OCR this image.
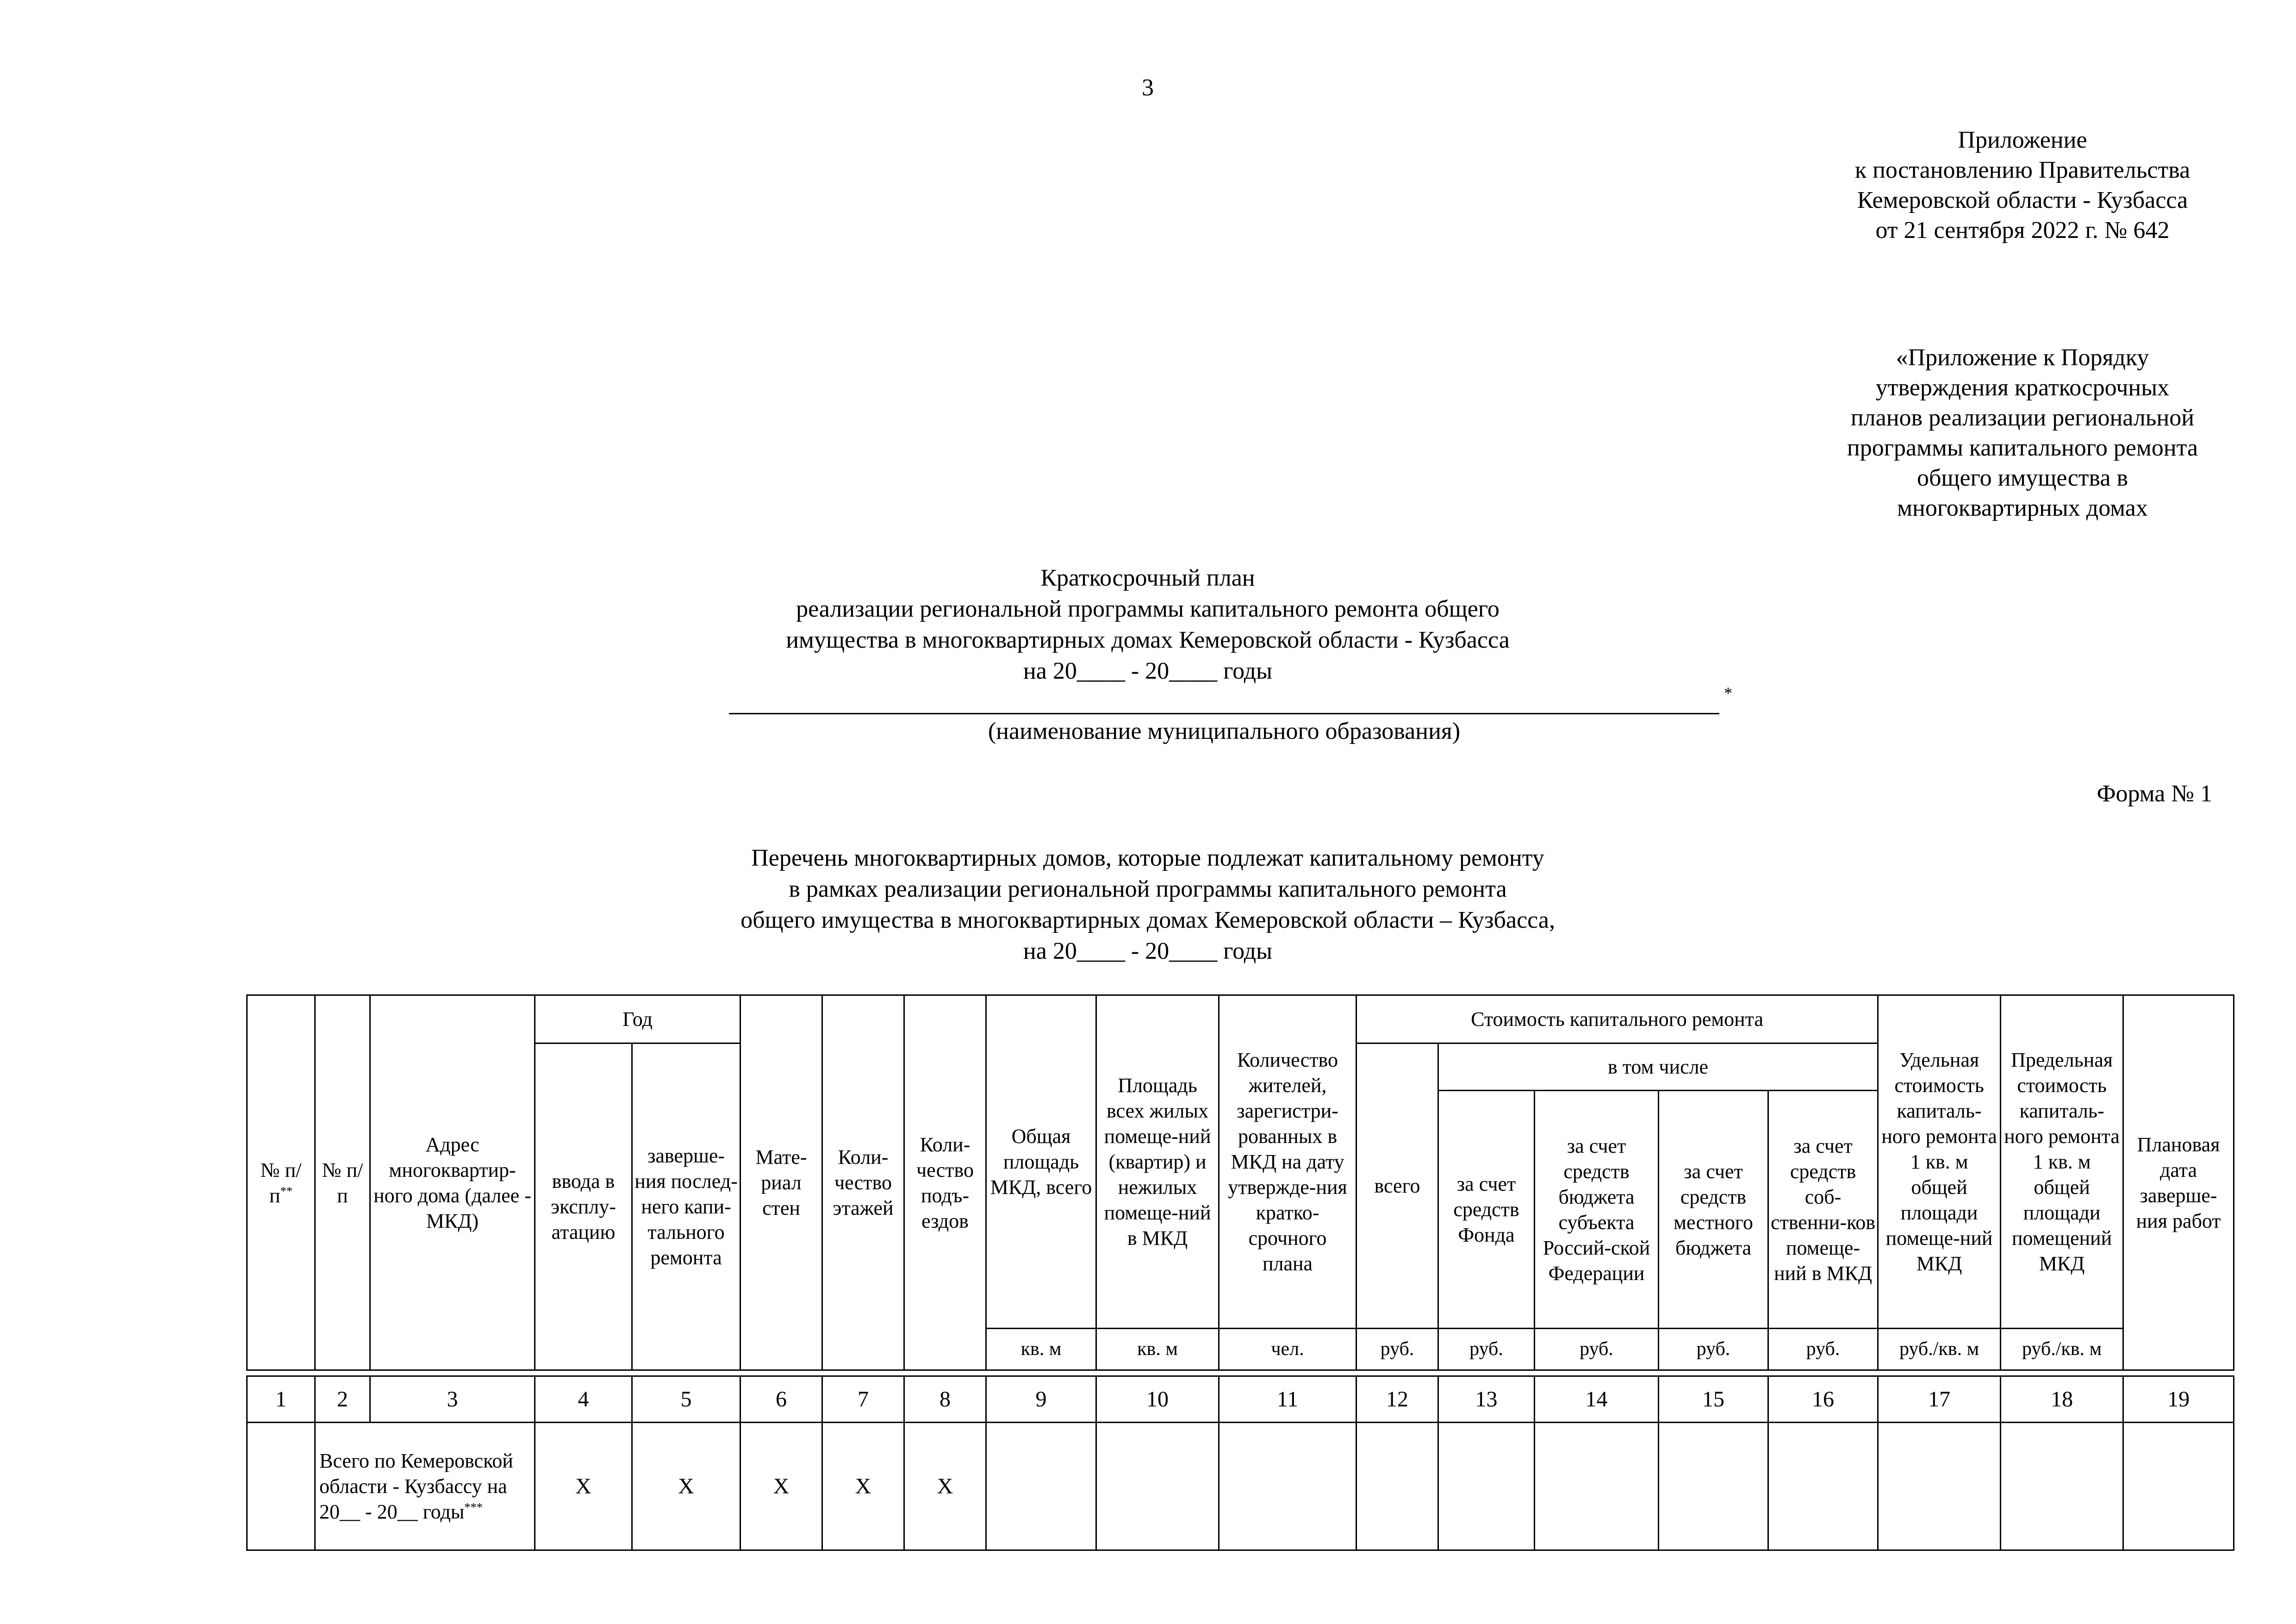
3
Приложение
к постановлению Правительства
Кемеровской области - Кузбасса
от 21 сентября 2022 г. № 642
«Приложение к Порядку
утверждения краткосрочных
планов реализации региональной
программы капитального ремонта
общего имущества в
многоквартирных домах
Краткосрочный план
реализации региональной программы капитального ремонта общего
имущества в многоквартирных домах Кемеровской области - Кузбасса
на 20____ - 20____ годы
*
(наименование муниципального образования)
Форма № 1
Перечень многоквартирных домов, которые подлежат капитальному ремонту
в рамках реализации региональной программы капитального ремонта
общего имущества в многоквартирных домах Кемеровской области – Кузбасса,
на 20____ - 20____ годы
№ п/п**	№ п/п	Адрес многоквартир-ного дома (далее - МКД)	Год		Мате-риал стен	Коли-чество этажей	Коли-чество подъ-ездов	Общая площадь МКД, всего	Площадь всех жилых помеще-ний (квартир) и нежилых помеще-ний в МКД	Количество жителей, зарегистри-рованных в МКД на дату утвержде-ния кратко-срочного плана	Стоимость капитального ремонта					Удельная стоимость капиталь-ного ремонта 1 кв. м общей площади помеще-ний МКД	Предельная стоимость капиталь-ного ремонта 1 кв. м общей площади помещений МКД	Плановая дата заверше-ния работ
			ввода в эксплу-атацию	заверше-ния послед-него капи-тального ремонта							всего	в том числе						
												за счет средств Фонда	за счет средств бюджета субъекта Россий-ской Федерации	за счет средств местного бюджета	за счет средств соб-ственни-ков помеще-ний в МКД			
								кв. м	кв. м	чел.	руб.	руб.	руб.	руб.	руб.	руб./кв. м	руб./кв. м	

1	2	3	4	5	6	7	8	9	10	11	12	13	14	15	16	17	18	19
	Всего по Кемеровской области - Кузбассу на 20__ - 20__ годы***		Х	Х	Х	Х	Х											
